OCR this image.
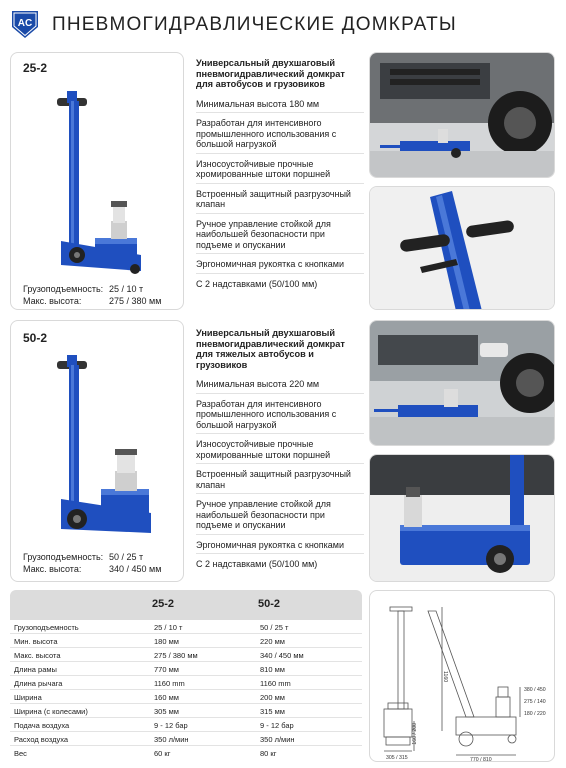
AC ПНЕВМОГИДРАВЛИЧЕСКИЕ ДОМКРАТЫ
25-2
Грузоподъемность: 25 / 10 т
Макс. высота:	275 / 380 мм
Универсальный двухшаговый пневмогидравлический домкрат для автобусов и грузовиков
Минимальная высота 180 мм
Разработан для интенсивного промышленного использования с большой нагрузкой
Износоустойчивые прочные хромированные штоки поршней
Встроенный защитный разгрузочный клапан
Ручное управление стойкой для наибольшей безопасности при подъеме и опускании
Эргономичная рукоятка с кнопками
С 2 надставками (50/100 мм)
50-2
Грузоподъемность: 50 / 25 т
Макс. высота:	340 / 450 мм
Универсальный двухшаговый пневмогидравлический домкрат для тяжелых автобусов и грузовиков
Минимальная высота 220 мм
Разработан для интенсивного промышленного использования с большой нагрузкой
Износоустойчивые прочные хромированные штоки поршней
Встроенный защитный разгрузочный клапан
Ручное управление стойкой для наибольшей безопасности при подъеме и опускании
Эргономичная рукоятка с кнопками
С 2 надставками (50/100 мм)
25-2	50-2
Грузоподъемность	25 / 10 т	50 / 25 т
Мин. высота	180 мм	220 мм
Макс. высота	275 / 380 мм	340 / 450 мм
Длина рамы	770 мм	810 мм
Длина рычага	1160 mm	1160 mm
Ширина	160 мм	200 мм
Ширина (с колесами)	305 мм	315 мм
Подача воздуха	9 - 12 бар	9 - 12 бар
Расход воздуха	350 л/мин	350 л/мин
Вес	60 кг	80 кг
1160
160 / 200
305 / 315	770 / 810
380 / 450
275 / 140
180 / 220
